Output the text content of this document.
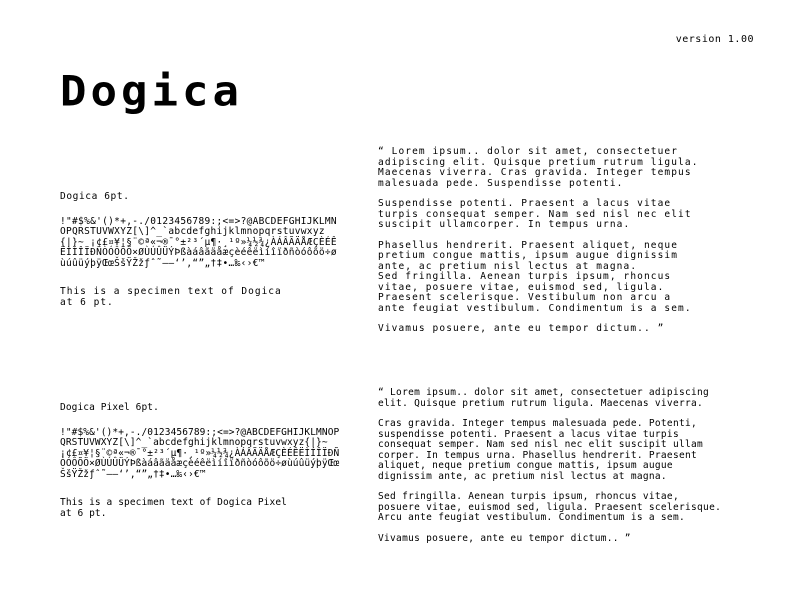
version 1.00
Dogica
Dogica 6pt.
!"#$%&'()*+,-./0123456789:;<=>?@ABCDEFGHIJKLMNOPQRSTUVWXYZ[\]^_`abcdefghijklmnopqrstuvwxyz{|}~ ¡¢£¤¥¦§¨©ª«¬®¯°±²³´µ¶·¸¹º»¼½¾¿ÀÁÂÃÄÅÆÇÈÉÊËÌÍÎÏÐÑÒÓÔÕÖ×ØÙÚÛÜÝÞßàáâãäåæçèéêëìíîïðñòóôõö÷øùúûüýþÿŒœŠšŸŽžƒˆ˜–—‘’‚“”„†‡•…‰‹›€™
This is a specimen text of Dogica
at 6 pt.
Dogica Pixel 6pt.
!"#$%&'()*+,-./0123456789:;<=>?@ABCDEFGHIJKLMNOPQRSTUVWXYZ[\]^_`abcdefghijklmnopqrstuvwxyz{|}~ ¡¢£¤¥¦§¨©ª«¬®¯°±²³´µ¶·¸¹º»¼½¾¿ÀÁÂÃÄÅÆÇÈÉÊËÌÍÎÏÐÑÒÓÔÕÖ×ØÙÚÛÜÝÞßàáâãäåæçèéêëìíîïðñòóôõö÷øùúûüýþÿŒœŠšŸŽžƒˆ˜–—‘’‚“”„†‡•…‰‹›€™
This is a specimen text of Dogica Pixel
at 6 pt.

“ Lorem ipsum.. dolor sit amet, consectetuer
adipiscing elit. Quisque pretium rutrum ligula.
Maecenas viverra. Cras gravida. Integer tempus
malesuada pede. Suspendisse potenti.

Suspendisse potenti. Praesent a lacus vitae
turpis consequat semper. Nam sed nisl nec elit
suscipit ullamcorper. In tempus urna.

Phasellus hendrerit. Praesent aliquet, neque
pretium congue mattis, ipsum augue dignissim
ante, ac pretium nisl lectus at magna.
Sed fringilla. Aenean turpis ipsum, rhoncus
vitae, posuere vitae, euismod sed, ligula.
Praesent scelerisque. Vestibulum non arcu a
ante feugiat vestibulum. Condimentum is a sem.

Vivamus posuere, ante eu tempor dictum.. ”

“ Lorem ipsum.. dolor sit amet, consectetuer adipiscing
elit. Quisque pretium rutrum ligula. Maecenas viverra.

Cras gravida. Integer tempus malesuada pede. Potenti,
suspendisse potenti. Praesent a lacus vitae turpis
consequat semper. Nam sed nisl nec elit suscipit ullam
corper. In tempus urna. Phasellus hendrerit. Praesent
aliquet, neque pretium congue mattis, ipsum augue
dignissim ante, ac pretium nisl lectus at magna.

Sed fringilla. Aenean turpis ipsum, rhoncus vitae,
posuere vitae, euismod sed, ligula. Praesent scelerisque.
Arcu ante feugiat vestibulum. Condimentum is a sem.

Vivamus posuere, ante eu tempor dictum.. ”
